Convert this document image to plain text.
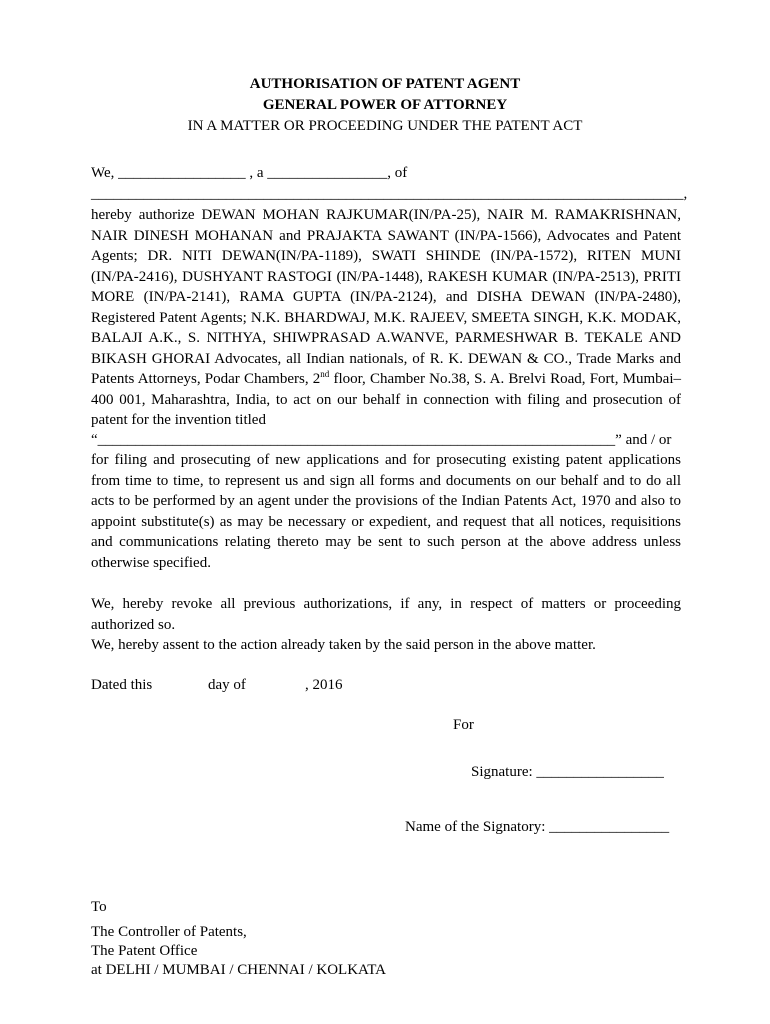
AUTHORISATION OF PATENT AGENT
GENERAL POWER OF ATTORNEY
IN A MATTER OR PROCEEDING UNDER THE PATENT ACT
We, _________________ , a ________________, of
_______________________________________________________________________________,
hereby authorize DEWAN MOHAN RAJKUMAR(IN/PA-25), NAIR M. RAMAKRISHNAN, NAIR DINESH MOHANAN and PRAJAKTA SAWANT (IN/PA-1566), Advocates and Patent Agents; DR. NITI DEWAN(IN/PA-1189), SWATI SHINDE (IN/PA-1572), RITEN MUNI (IN/PA-2416), DUSHYANT RASTOGI (IN/PA-1448), RAKESH KUMAR (IN/PA-2513), PRITI MORE (IN/PA-2141), RAMA GUPTA (IN/PA-2124), and DISHA DEWAN (IN/PA-2480), Registered Patent Agents; N.K. BHARDWAJ, M.K. RAJEEV, SMEETA SINGH, K.K. MODAK, BALAJI A.K., S. NITHYA, SHIWPRASAD A.WANVE, PARMESHWAR B. TEKALE AND BIKASH GHORAI Advocates, all Indian nationals, of R. K. DEWAN & CO., Trade Marks and Patents Attorneys, Podar Chambers, 2nd floor, Chamber No.38, S. A. Brelvi Road, Fort, Mumbai–400 001, Maharashtra, India, to act on our behalf in connection with filing and prosecution of patent for the invention titled
“_____________________________________________________________________” and / or
for filing and prosecuting of new applications and for prosecuting existing patent applications from time to time, to represent us and sign all forms and documents on our behalf and to do all acts to be performed by an agent under the provisions of the Indian Patents Act, 1970 and also to appoint substitute(s) as may be necessary or expedient, and request that all notices, requisitions and communications relating thereto may be sent to such person at the above address unless otherwise specified.
We, hereby revoke all previous authorizations, if any, in respect of matters or proceeding authorized so.
We, hereby assent to the action already taken by the said person in the above matter.
Dated this	day of	, 2016
For
Signature: _________________
Name of the Signatory: ________________
To
The Controller of Patents,
The Patent Office
at DELHI / MUMBAI / CHENNAI / KOLKATA
